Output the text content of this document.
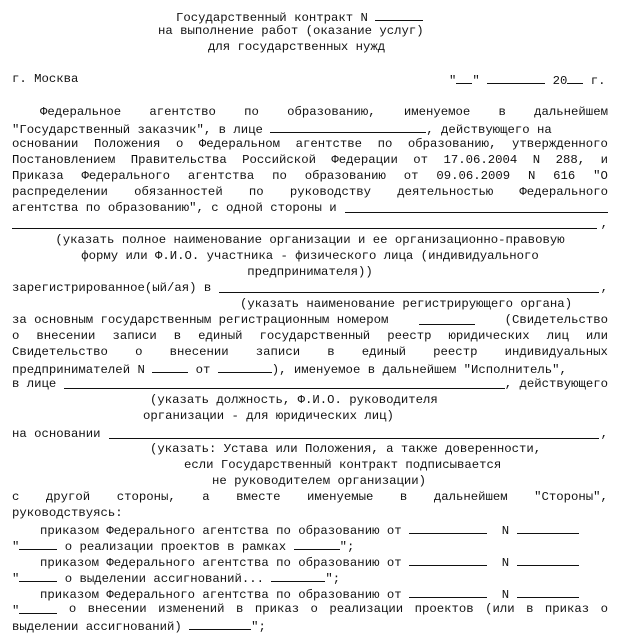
Государственный контракт N
на выполнение работ (оказание услуг)
для государственных нужд
г. Москва	" "	20 г.
Федеральное агентство по образованию, именуемое в дальнейшем
"Государственный заказчик", в лице	, действующего на
основании Положения о Федеральном агентстве по образованию, утвержденного
Постановлением Правительства Российской Федерации от 17.06.2004 N 288, и
Приказа Федерального агентства по образованию от 09.06.2009 N 616 "О
распределении обязанностей по руководству деятельностью Федерального
агентства по образованию", с одной стороны и
,
(указать полное наименование организации и ее организационно-правовую
форму или Ф.И.О. участника - физического лица (индивидуального
предпринимателя))
зарегистрированное(ый/ая) в	,
(указать наименование регистрирующего органа)
за основным государственным регистрационным номером	(Свидетельство
о внесении записи в единый государственный реестр юридических лиц или
Свидетельство о внесении записи в единый реестр индивидуальных
предпринимателей N	от	), именуемое в дальнейшем "Исполнитель",
в лице	, действующего
(указать должность, Ф.И.О. руководителя
организации - для юридических лиц)
на основании	,
(указать: Устава или Положения, а также доверенности,
если Государственный контракт подписывается
не руководителем организации)
с другой стороны, а вместе именуемые в дальнейшем "Стороны",
руководствуясь:
приказом Федерального агентства по образованию от	N
"	о реализации проектов в рамках	";
приказом Федерального агентства по образованию от	N
"	о выделении ассигнований...	";
приказом Федерального агентства по образованию от	N
"	о внесении изменений в приказ о реализации проектов (или в приказ о
выделении ассигнований)	";
